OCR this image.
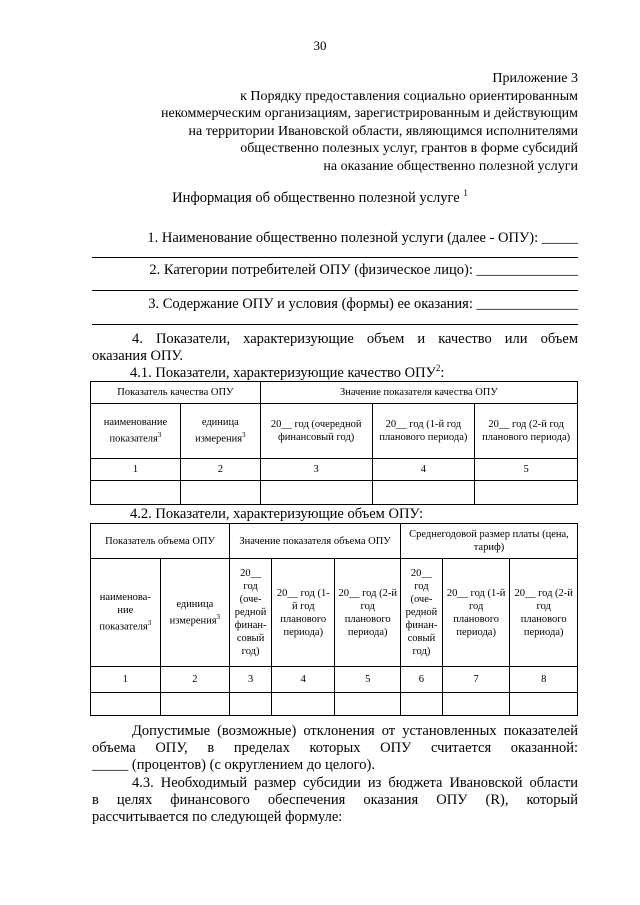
30
Приложение 3
к Порядку предоставления социально ориентированным
некоммерческим организациям, зарегистрированным и действующим
на территории Ивановской области, являющимся исполнителями
общественно полезных услуг, грантов в форме субсидий
на оказание общественно полезной услуги
Информация об общественно полезной услуге $^1$
1. Наименование общественно полезной услуги (далее - ОПУ): _____
2. Категории потребителей ОПУ (физическое лицо): ______________
3. Содержание ОПУ и условия (формы) ее оказания: ______________
4. Показатели, характеризующие объем и качество или объем
оказания ОПУ.
4.1. Показатели, характеризующие качество ОПУ$^2$:
Показатель качества ОПУ		Значение показателя качества ОПУ		
наименование показателя$^3$	единица измерения$^3$	20__ год (очередной финансовый год)	20__ год (1-й год планового периода)	20__ год (2-й год планового периода)
1	2	3	4	5

4.2. Показатели, характеризующие объем ОПУ:
Показатель объема ОПУ		Значение показателя объема ОПУ			Среднегодовой размер платы (цена, тариф)		
наименова-ние показателя$^3$	единица измерения$^3$	20__ год (оче-редной финан-совый год)	20__ год (1-й год планового периода)	20__ год (2-й год планового периода)	20__ год (оче-редной финан-совый год)	20__ год (1-й год планового периода)	20__ год (2-й год планового периода)
1	2	3	4	5	6	7	8

Допустимые (возможные) отклонения от установленных показателей
объема ОПУ, в пределах которых ОПУ считается оказанной:
_____ (процентов) (с округлением до целого).
4.3. Необходимый размер субсидии из бюджета Ивановской области
в целях финансового обеспечения оказания ОПУ (R), который
рассчитывается по следующей формуле:
